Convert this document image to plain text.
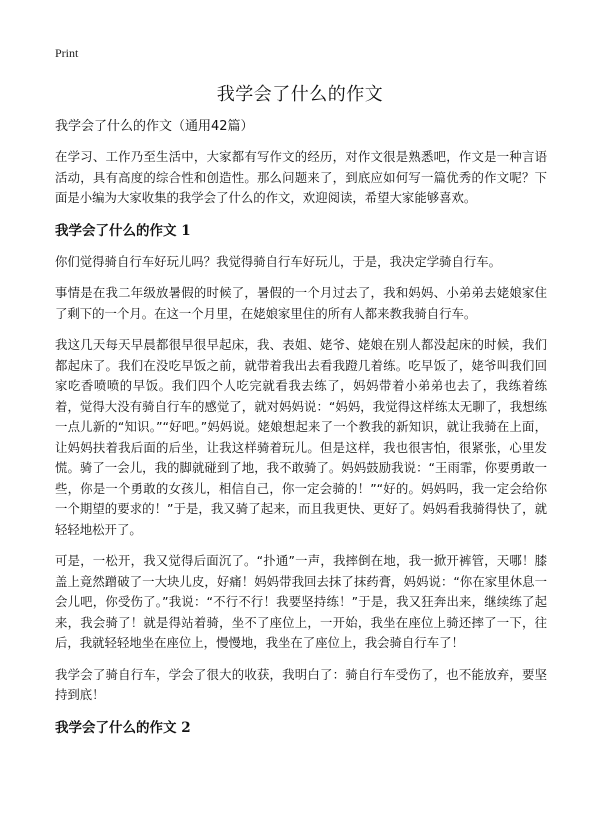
Print
我学会了什么的作文
我学会了什么的作文（通用42篇）

在学习、工作乃至生活中，大家都有写作文的经历，对作文很是熟悉吧，作文是一种言语活动，具有高度的综合性和创造性。那么问题来了，到底应如何写一篇优秀的作文呢？下面是小编为大家收集的我学会了什么的作文，欢迎阅读，希望大家能够喜欢。

我学会了什么的作文 1

你们觉得骑自行车好玩儿吗？我觉得骑自行车好玩儿，于是，我决定学骑自行车。

事情是在我二年级放暑假的时候了，暑假的一个月过去了，我和妈妈、小弟弟去姥娘家住了剩下的一个月。在这一个月里，在姥娘家里住的所有人都来教我骑自行车。

我这几天每天早晨都很早很早起床，我、表姐、姥爷、姥娘在别人都没起床的时候，我们都起床了。我们在没吃早饭之前，就带着我出去看我蹬几着练。吃早饭了，姥爷叫我们回家吃香喷喷的早饭。我们四个人吃完就看我去练了，妈妈带着小弟弟也去了，我练着练着，觉得大没有骑自行车的感觉了，就对妈妈说：“妈妈，我觉得这样练太无聊了，我想练一点儿新的“知识。”“好吧。”妈妈说。姥娘想起来了一个教我的新知识，就让我骑在上面，让妈妈扶着我后面的后坐，让我这样骑着玩儿。但是这样，我也很害怕，很紧张，心里发慌。骑了一会儿，我的脚就碰到了地，我不敢骑了。妈妈鼓励我说：“王雨霏，你要勇敢一些，你是一个勇敢的女孩儿，相信自己，你一定会骑的！”“好的。妈妈吗，我一定会给你一个期望的要求的！”于是，我又骑了起来，而且我更快、更好了。妈妈看我骑得快了，就轻轻地松开了。

可是，一松开，我又觉得后面沉了。“扑通”一声，我摔倒在地，我一掀开裤管，天哪！膝盖上竟然蹭破了一大块儿皮，好痛！妈妈带我回去抹了抹药膏，妈妈说：“你在家里休息一会儿吧，你受伤了。”我说：“不行不行！我要坚持练！”于是，我又狂奔出来，继续练了起来，我会骑了！就是得站着骑，坐不了座位上，一开始，我坐在座位上骑还摔了一下，往后，我就轻轻地坐在座位上，慢慢地，我坐在了座位上，我会骑自行车了！

我学会了骑自行车，学会了很大的收获，我明白了：骑自行车受伤了，也不能放弃，要坚持到底！

我学会了什么的作文 2
